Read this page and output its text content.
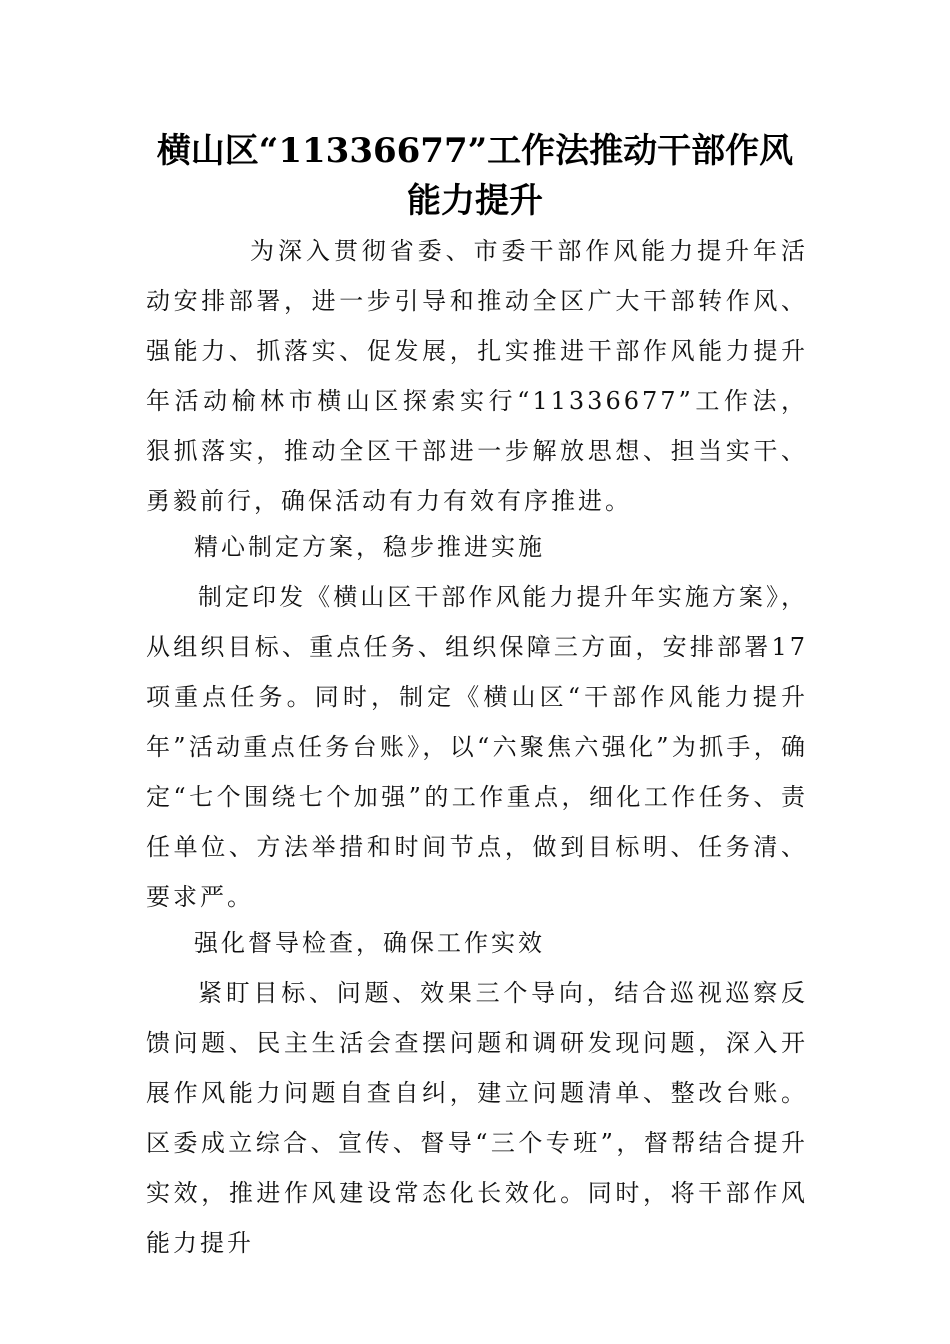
横山区“11336677”工作法推动干部作风
能力提升

为深入贯彻省委、市委干部作风能力提升年活动安排部署，进一步引导和推动全区广大干部转作风、强能力、抓落实、促发展，扎实推进干部作风能力提升年活动榆林市横山区探索实行“11336677”工作法，狠抓落实，推动全区干部进一步解放思想、担当实干、勇毅前行，确保活动有力有效有序推进。

精心制定方案，稳步推进实施

制定印发《横山区干部作风能力提升年实施方案》，从组织目标、重点任务、组织保障三方面，安排部署17项重点任务。同时，制定《横山区“干部作风能力提升年”活动重点任务台账》，以“六聚焦六强化”为抓手，确定“七个围绕七个加强”的工作重点，细化工作任务、责任单位、方法举措和时间节点，做到目标明、任务清、要求严。

强化督导检查，确保工作实效

紧盯目标、问题、效果三个导向，结合巡视巡察反馈问题、民主生活会查摆问题和调研发现问题，深入开展作风能力问题自查自纠，建立问题清单、整改台账。区委成立综合、宣传、督导“三个专班”，督帮结合提升实效，推进作风建设常态化长效化。同时，将干部作风能力提升
